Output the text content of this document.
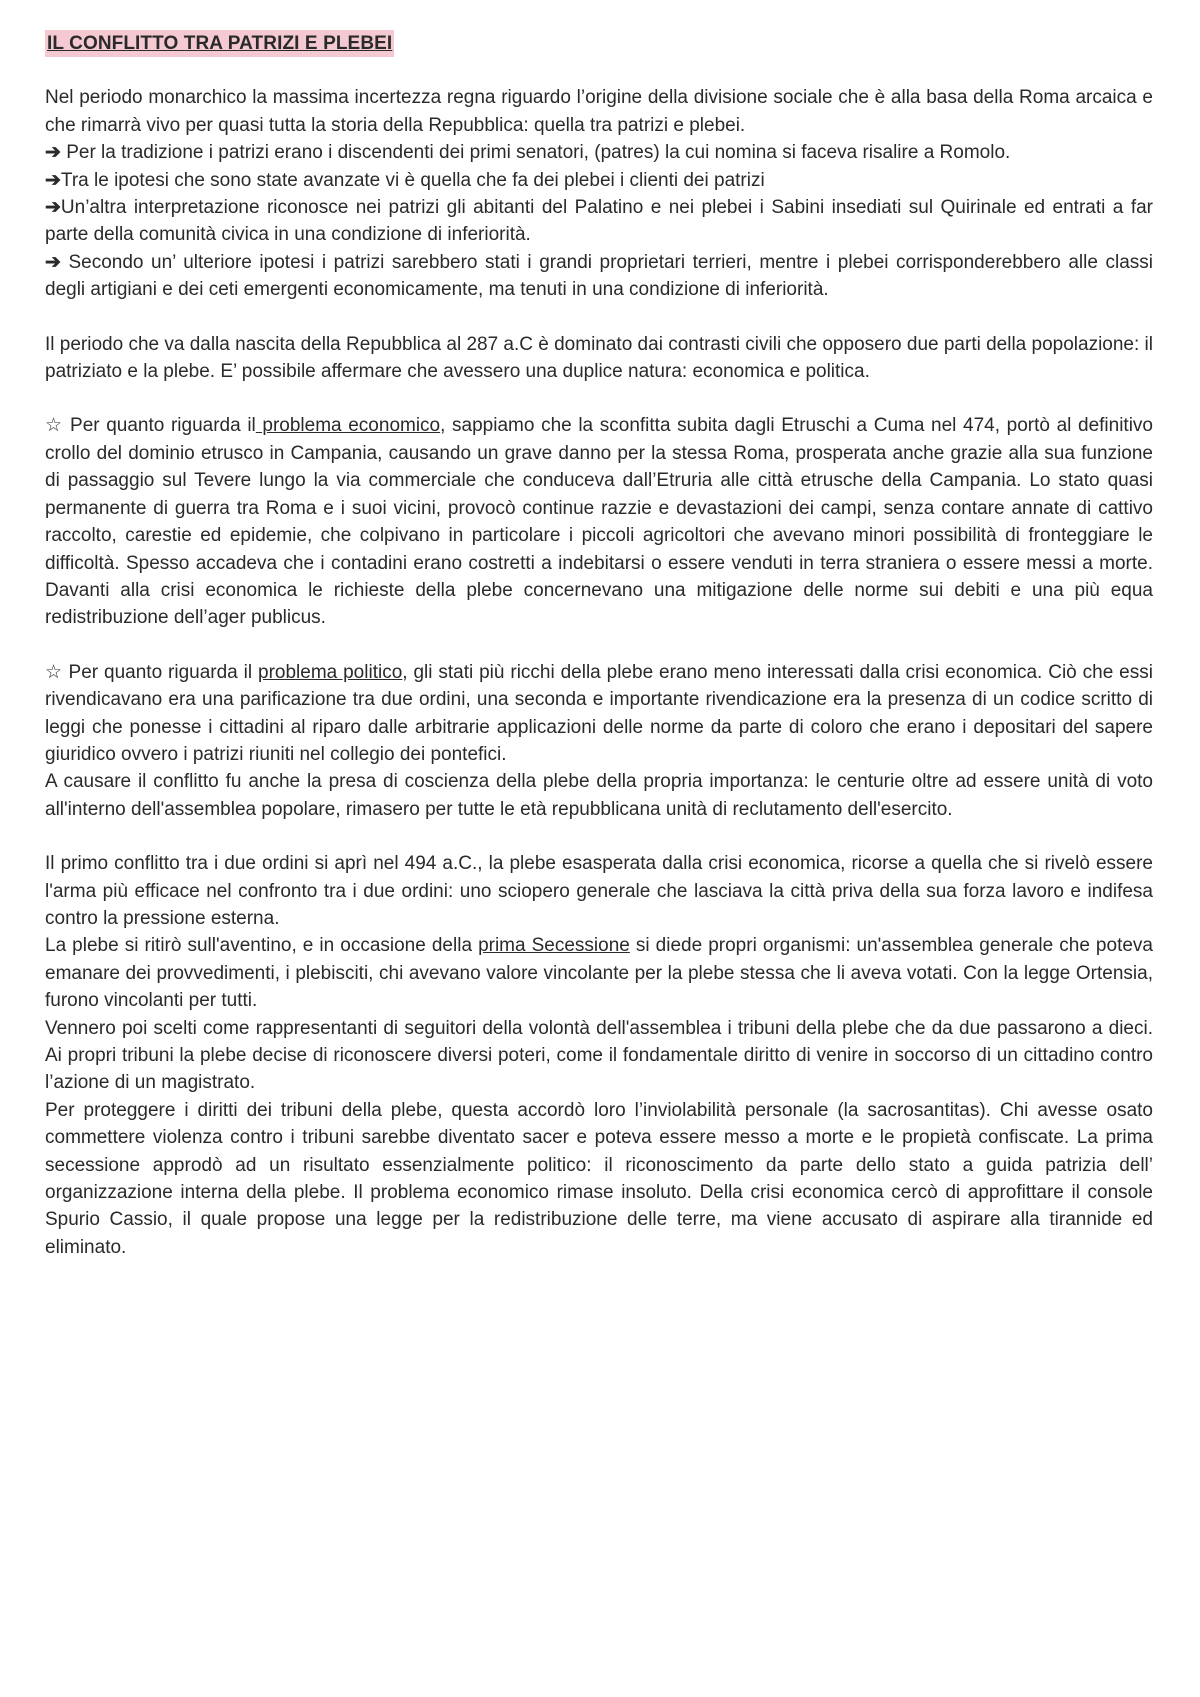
IL CONFLITTO TRA PATRIZI E PLEBEI

Nel periodo monarchico la massima incertezza regna riguardo l’origine della divisione sociale che è alla basa della Roma arcaica e che rimarrà vivo per quasi tutta la storia della Repubblica: quella tra patrizi e plebei.

➔ Per la tradizione i patrizi erano i discendenti dei primi senatori, (patres) la cui nomina si faceva risalire a Romolo.

➔Tra le ipotesi che sono state avanzate vi è quella che fa dei plebei i clienti dei patrizi

➔Un’altra interpretazione riconosce nei patrizi gli abitanti del Palatino e nei plebei i Sabini insediati sul Quirinale ed entrati a far parte della comunità civica in una condizione di inferiorità.

➔ Secondo un’ ulteriore ipotesi i patrizi sarebbero stati i grandi proprietari terrieri, mentre i plebei corrisponderebbero alle classi degli artigiani e dei ceti emergenti economicamente, ma tenuti in una condizione di inferiorità.

Il periodo che va dalla nascita della Repubblica al 287 a.C è dominato dai contrasti civili che opposero due parti della popolazione: il patriziato e la plebe. E’ possibile affermare che avessero una duplice natura: economica e politica.

☆ Per quanto riguarda il problema economico, sappiamo che la sconfitta subita dagli Etruschi a Cuma nel 474, portò al definitivo crollo del dominio etrusco in Campania, causando un grave danno per la stessa Roma, prosperata anche grazie alla sua funzione di passaggio sul Tevere lungo la via commerciale che conduceva dall’Etruria alle città etrusche della Campania. Lo stato quasi permanente di guerra tra Roma e i suoi vicini, provocò continue razzie e devastazioni dei campi, senza contare annate di cattivo raccolto, carestie ed epidemie, che colpivano in particolare i piccoli agricoltori che avevano minori possibilità di fronteggiare le difficoltà. Spesso accadeva che i contadini erano costretti a indebitarsi o essere venduti in terra straniera o essere messi a morte. Davanti alla crisi economica le richieste della plebe concernevano una mitigazione delle norme sui debiti e una più equa redistribuzione dell’ager publicus.

☆ Per quanto riguarda il problema politico, gli stati più ricchi della plebe erano meno interessati dalla crisi economica. Ciò che essi rivendicavano era una parificazione tra due ordini, una seconda e importante rivendicazione era la presenza di un codice scritto di leggi che ponesse i cittadini al riparo dalle arbitrarie applicazioni delle norme da parte di coloro che erano i depositari del sapere giuridico ovvero i patrizi riuniti nel collegio dei pontefici.

A causare il conflitto fu anche la presa di coscienza della plebe della propria importanza: le centurie oltre ad essere unità di voto all'interno dell'assemblea popolare, rimasero per tutte le età repubblicana unità di reclutamento dell'esercito.

Il primo conflitto tra i due ordini si aprì nel 494 a.C., la plebe esasperata dalla crisi economica, ricorse a quella che si rivelò essere l'arma più efficace nel confronto tra i due ordini: uno sciopero generale che lasciava la città priva della sua forza lavoro e indifesa contro la pressione esterna.

La plebe si ritirò sull'aventino, e in occasione della prima Secessione si diede propri organismi: un'assemblea generale che poteva emanare dei provvedimenti, i plebisciti, chi avevano valore vincolante per la plebe stessa che li aveva votati. Con la legge Ortensia, furono vincolanti per tutti.

Vennero poi scelti come rappresentanti di seguitori della volontà dell'assemblea i tribuni della plebe che da due passarono a dieci. Ai propri tribuni la plebe decise di riconoscere diversi poteri, come il fondamentale diritto di venire in soccorso di un cittadino contro l’azione di un magistrato.

Per proteggere i diritti dei tribuni della plebe, questa accordò loro l’inviolabilità personale (la sacrosantitas). Chi avesse osato commettere violenza contro i tribuni sarebbe diventato sacer e poteva essere messo a morte e le propietà confiscate. La prima secessione approdò ad un risultato essenzialmente politico: il riconoscimento da parte dello stato a guida patrizia dell’ organizzazione interna della plebe. Il problema economico rimase insoluto. Della crisi economica cercò di approfittare il console Spurio Cassio, il quale propose una legge per la redistribuzione delle terre, ma viene accusato di aspirare alla tirannide ed eliminato.
